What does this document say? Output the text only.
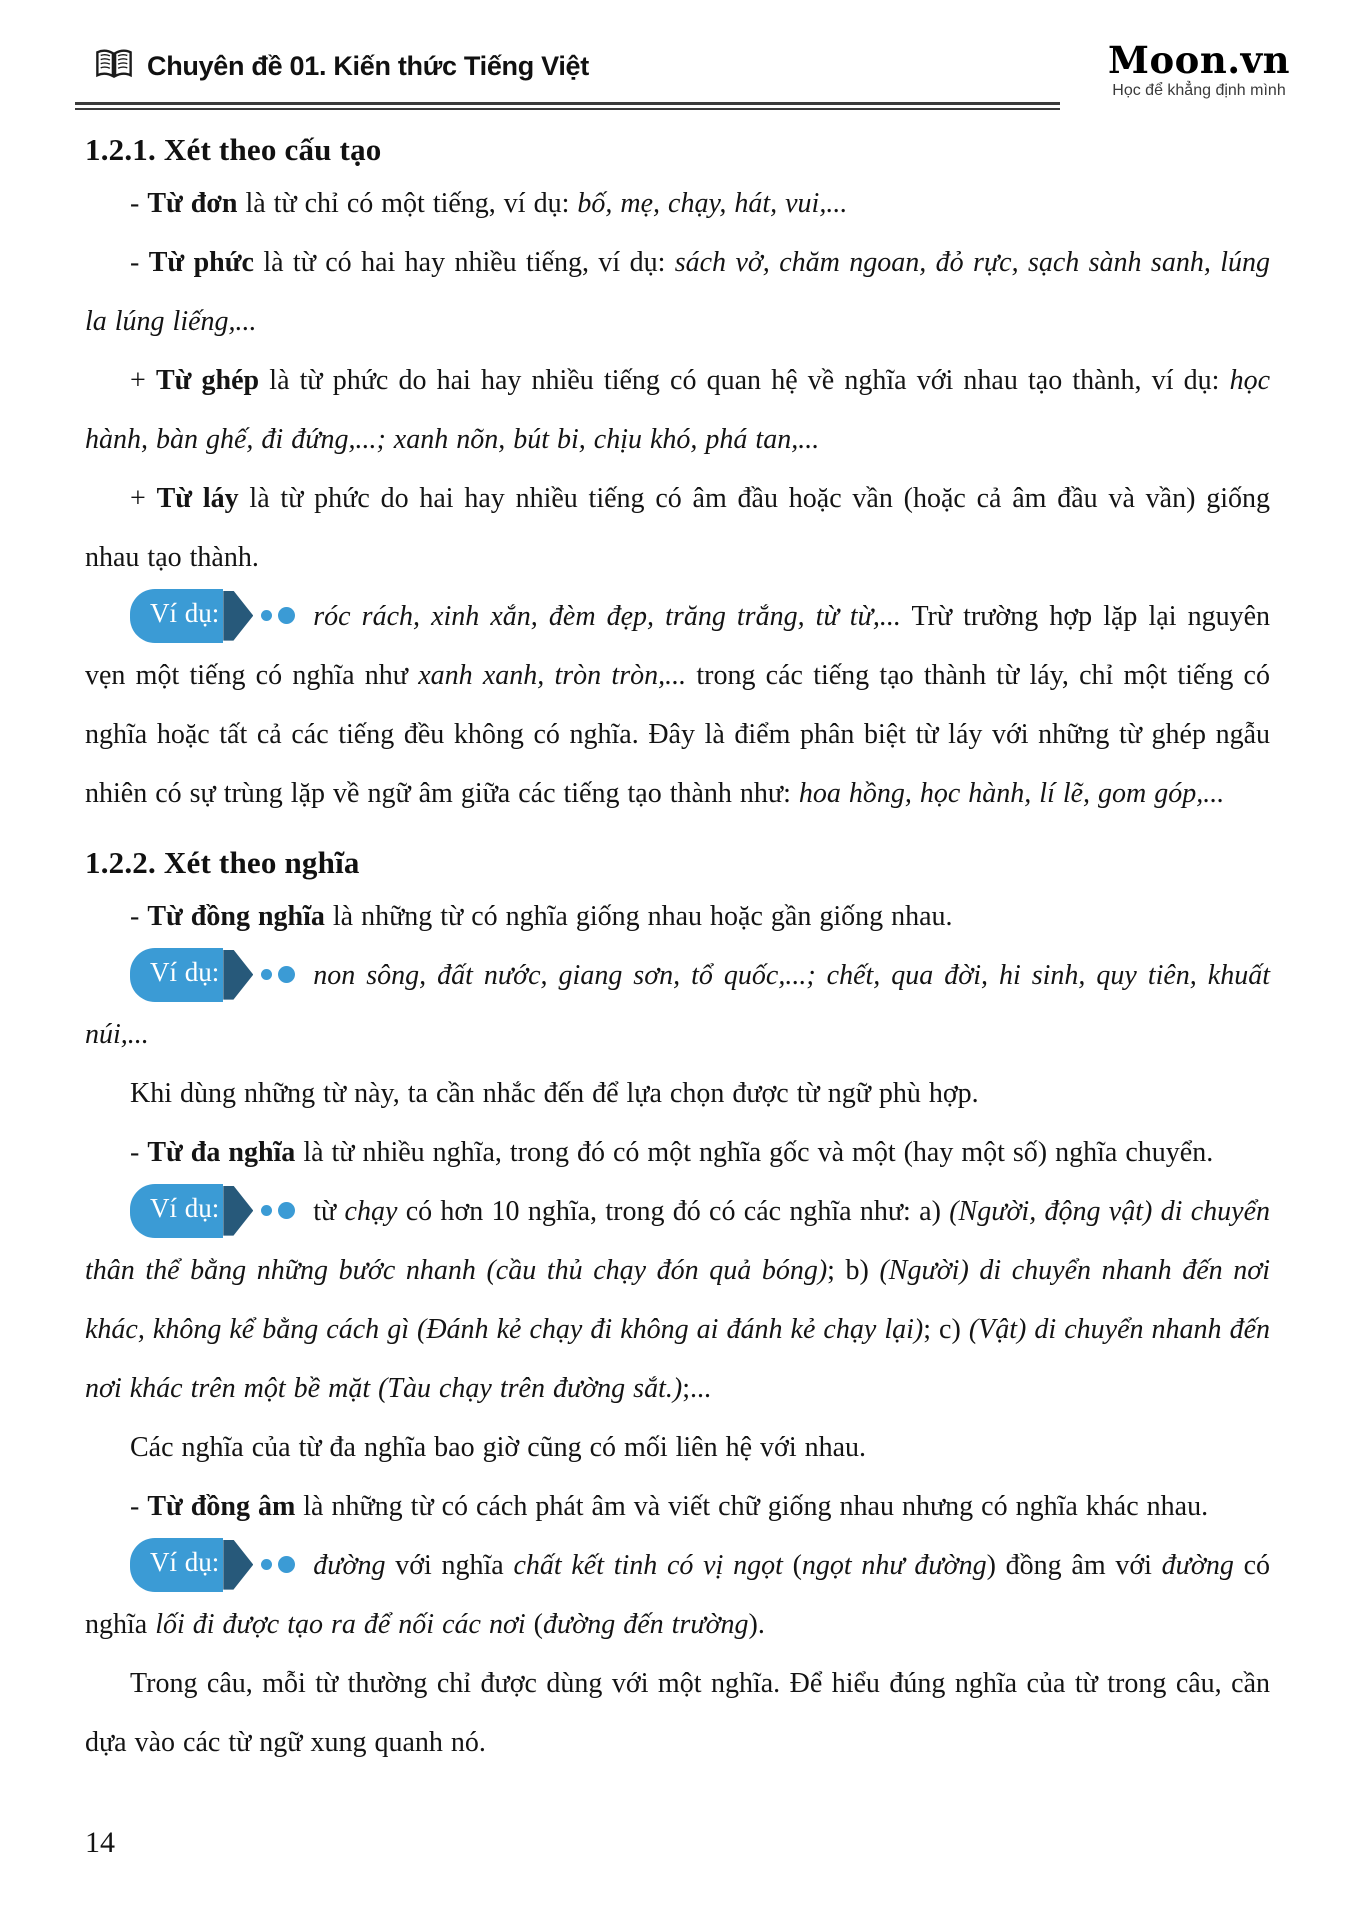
Chuyên đề 01. Kiến thức Tiếng Việt	Moon.vn
Học để khẳng định mình
1.2.1. Xét theo cấu tạo

- Từ đơn là từ chỉ có một tiếng, ví dụ: bố, mẹ, chạy, hát, vui,...

- Từ phức là từ có hai hay nhiều tiếng, ví dụ: sách vở, chăm ngoan, đỏ rực, sạch sành sanh, lúng la lúng liếng,...

+ Từ ghép là từ phức do hai hay nhiều tiếng có quan hệ về nghĩa với nhau tạo thành, ví dụ: học hành, bàn ghế, đi đứng,...; xanh nõn, bút bi, chịu khó, phá tan,...

+ Từ láy là từ phức do hai hay nhiều tiếng có âm đầu hoặc vần (hoặc cả âm đầu và vần) giống nhau tạo thành.

Ví dụ:	róc rách, xinh xắn, đèm đẹp, trăng trắng, từ từ,... Trừ trường hợp lặp lại nguyên vẹn một tiếng có nghĩa như xanh xanh, tròn tròn,... trong các tiếng tạo thành từ láy, chỉ một tiếng có nghĩa hoặc tất cả các tiếng đều không có nghĩa. Đây là điểm phân biệt từ láy với những từ ghép ngẫu nhiên có sự trùng lặp về ngữ âm giữa các tiếng tạo thành như: hoa hồng, học hành, lí lẽ, gom góp,...

1.2.2. Xét theo nghĩa

- Từ đồng nghĩa là những từ có nghĩa giống nhau hoặc gần giống nhau.

Ví dụ:	non sông, đất nước, giang sơn, tổ quốc,...; chết, qua đời, hi sinh, quy tiên, khuất núi,...

Khi dùng những từ này, ta cần nhắc đến để lựa chọn được từ ngữ phù hợp.

- Từ đa nghĩa là từ nhiều nghĩa, trong đó có một nghĩa gốc và một (hay một số) nghĩa chuyển.

Ví dụ:	từ chạy có hơn 10 nghĩa, trong đó có các nghĩa như: a) (Người, động vật) di chuyển thân thể bằng những bước nhanh (cầu thủ chạy đón quả bóng); b) (Người) di chuyển nhanh đến nơi khác, không kể bằng cách gì (Đánh kẻ chạy đi không ai đánh kẻ chạy lại); c) (Vật) di chuyển nhanh đến nơi khác trên một bề mặt (Tàu chạy trên đường sắt.);...

Các nghĩa của từ đa nghĩa bao giờ cũng có mối liên hệ với nhau.

- Từ đồng âm là những từ có cách phát âm và viết chữ giống nhau nhưng có nghĩa khác nhau.

Ví dụ:	đường với nghĩa chất kết tinh có vị ngọt (ngọt như đường) đồng âm với đường có nghĩa lối đi được tạo ra để nối các nơi (đường đến trường).

Trong câu, mỗi từ thường chỉ được dùng với một nghĩa. Để hiểu đúng nghĩa của từ trong câu, cần dựa vào các từ ngữ xung quanh nó.

14
